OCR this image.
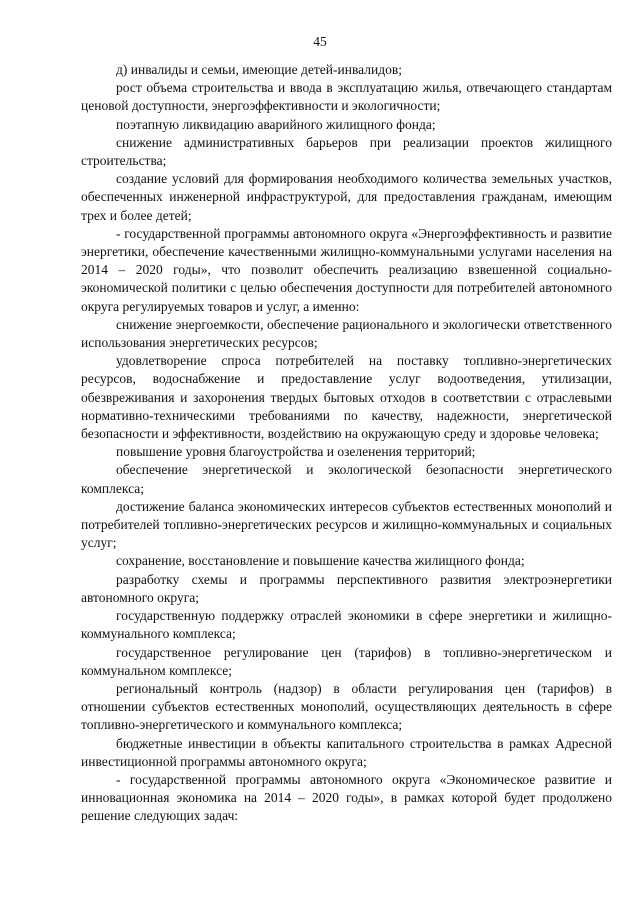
45

д) инвалиды и семьи, имеющие детей-инвалидов;

рост объема строительства и ввода в эксплуатацию жилья, отвечающего стандартам ценовой доступности, энергоэффективности и экологичности;

поэтапную ликвидацию аварийного жилищного фонда;

снижение административных барьеров при реализации проектов жилищного строительства;

создание условий для формирования необходимого количества земельных участков, обеспеченных инженерной инфраструктурой, для предоставления гражданам, имеющим трех и более детей;

- государственной программы автономного округа «Энергоэффективность и развитие энергетики, обеспечение качественными жилищно-коммунальными услугами населения на 2014 – 2020 годы», что позволит обеспечить реализацию взвешенной социально-экономической политики с целью обеспечения доступности для потребителей автономного округа регулируемых товаров и услуг, а именно:

снижение энергоемкости, обеспечение рационального и экологически ответственного использования энергетических ресурсов;

удовлетворение спроса потребителей на поставку топливно-энергетических ресурсов, водоснабжение и предоставление услуг водоотведения, утилизации, обезвреживания и захоронения твердых бытовых отходов в соответствии с отраслевыми нормативно-техническими требованиями по качеству, надежности, энергетической безопасности и эффективности, воздействию на окружающую среду и здоровье человека;

повышение уровня благоустройства и озеленения территорий;

обеспечение энергетической и экологической безопасности энергетического комплекса;

достижение баланса экономических интересов субъектов естественных монополий и потребителей топливно-энергетических ресурсов и жилищно-коммунальных и социальных услуг;

сохранение, восстановление и повышение качества жилищного фонда;

разработку схемы и программы перспективного развития электроэнергетики автономного округа;

государственную поддержку отраслей экономики в сфере энергетики и жилищно-коммунального комплекса;

государственное регулирование цен (тарифов) в топливно-энергетическом и коммунальном комплексе;

региональный контроль (надзор) в области регулирования цен (тарифов) в отношении субъектов естественных монополий, осуществляющих деятельность в сфере топливно-энергетического и коммунального комплекса;

бюджетные инвестиции в объекты капитального строительства в рамках Адресной инвестиционной программы автономного округа;

- государственной программы автономного округа «Экономическое развитие и инновационная экономика на 2014 – 2020 годы», в рамках которой будет продолжено решение следующих задач:
